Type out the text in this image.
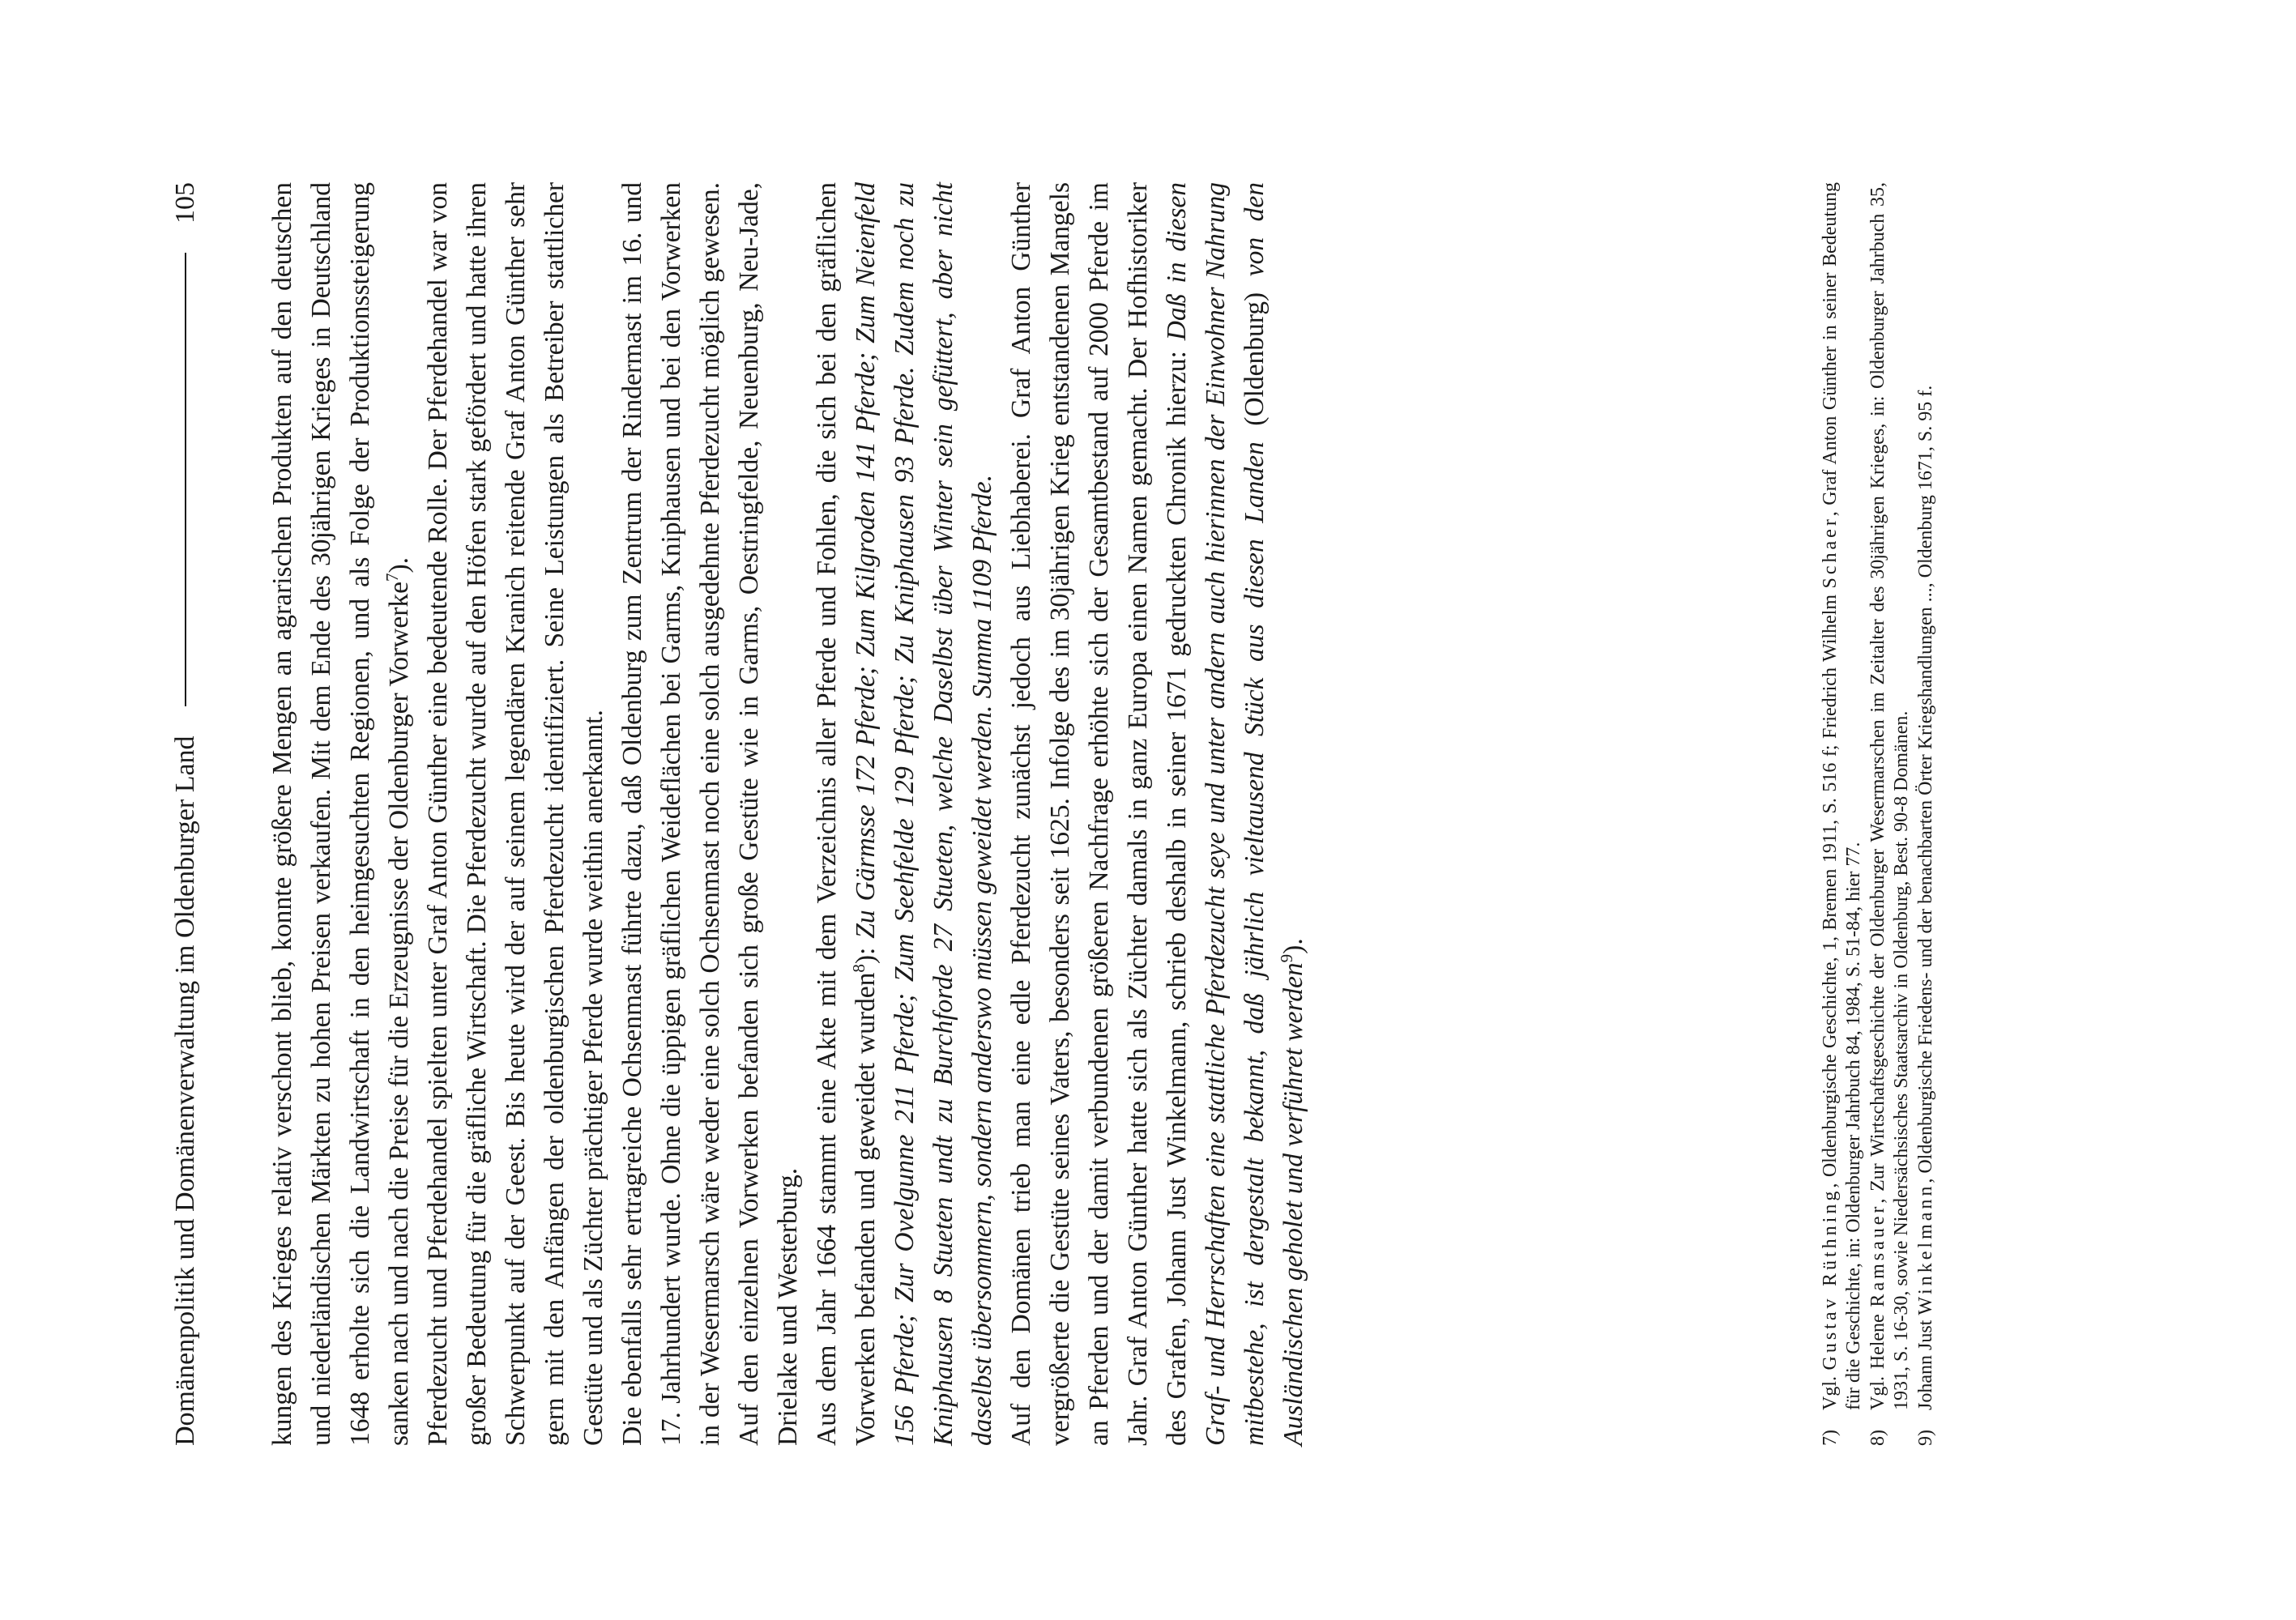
Domänenpolitik und Domänenverwaltung im Oldenburger Land
105 kungen des Krieges relativ verschont blieb, konnte größere Mengen an agrarischen Produkten auf den deutschen und niederländischen Märkten zu hohen Preisen verkaufen. Mit dem Ende des 30jährigen Krieges in Deutschland 1648 erholte sich die Landwirtschaft in den heimgesuchten Regionen, und als Folge der Produktionssteigerung sanken nach und nach die Preise für die Erzeugnisse der Oldenburger Vorwerke$^7$). Pferdezucht und Pferdehandel spielten unter Graf Anton Günther eine bedeutende Rolle. Der Pferdehandel war von großer Bedeutung für die gräfliche Wirtschaft. Die Pferdezucht wurde auf den Höfen stark gefördert und hatte ihren Schwerpunkt auf der Geest. Bis heute wird der auf seinem legendären Kranich reitende Graf Anton Günther sehr gern mit den Anfängen der oldenburgischen Pferdezucht identifiziert. Seine Leistungen als Betreiber stattlicher Gestüte und als Züchter prächtiger Pferde wurde weithin anerkannt. Die ebenfalls sehr ertragreiche Ochsenmast führte dazu, daß Oldenburg zum Zentrum der Rindermast im 16. und 17. Jahrhundert wurde. Ohne die üppigen gräflichen Weideflächen bei Garms, Kniphausen und bei den Vorwerken in der Wesermarsch wäre weder eine solch Ochsenmast noch eine solch ausgedehnte Pferdezucht möglich gewesen. Auf den einzelnen Vorwerken befanden sich große Gestüte wie in Garms, Oestringfelde, Neuenburg, Neu-Jade, Drielake und Westerburg. Aus dem Jahr 1664 stammt eine Akte mit dem Verzeichnis aller Pferde und Fohlen, die sich bei den gräflichen Vorwerken befanden und geweidet wurden$^8$): Zu Gärmsse 172 Pferde; Zum Kilgroden 141 Pferde; Zum Neienfeld 156 Pferde; Zur Ovelgunne 211 Pferde; Zum Seehfelde 129 Pferde; Zu Kniphausen 93 Pferde. Zudem noch zu Kniphausen 8 Stueten undt zu Burchforde 27 Stueten, welche Daselbst über Winter sein gefüttert, aber nicht daselbst übersommern, sondern anderswo müssen geweidet werden. Summa 1109 Pferde. Auf den Domänen trieb man eine edle Pferdezucht zunächst jedoch aus Liebhaberei. Graf Anton Günther vergrößerte die Gestüte seines Vaters, besonders seit 1625. Infolge des im 30jährigen Krieg entstandenen Mangels an Pferden und der damit verbundenen größeren Nachfrage erhöhte sich der Gesamtbestand auf 2000 Pferde im Jahr. Graf Anton Günther hatte sich als Züchter damals in ganz Europa einen Namen gemacht. Der Hofhistoriker des Grafen, Johann Just Winkelmann, schrieb deshalb in seiner 1671 gedruckten Chronik hierzu: Daß in diesen Graf- und Herrschaften eine stattliche Pferdezucht seye und unter andern auch hierinnen der Einwohner Nahrung mitbestehe, ist dergestalt bekannt, daß jährlich vieltausend Stück aus diesen Landen (Oldenburg) von den Ausländischen geholet und verführet werden$^9$).

7)
Vgl. Gustav Rüthning, Oldenburgische Geschichte, 1, Bremen 1911, S. 516 f; Friedrich Wilhelm Schaer, Graf Anton Günther in seiner Bedeutung für die Geschichte, in: Oldenburger Jahrbuch 84, 1984, S. 51-84, hier 77.
8)
Vgl. Helene Ramsauer, Zur Wirtschaftsgeschichte der Oldenburger Wesermarschen im Zeitalter des 30jährigen Krieges, in: Oldenburger Jahrbuch 35, 1931, S. 16-30, sowie Niedersächsisches Staatsarchiv in Oldenburg, Best. 90-8 Domänen.
9)
Johann Just Winkelmann, Oldenburgische Friedens- und der benachbarten Örter Kriegshandlungen ..., Oldenburg 1671, S. 95 f.
